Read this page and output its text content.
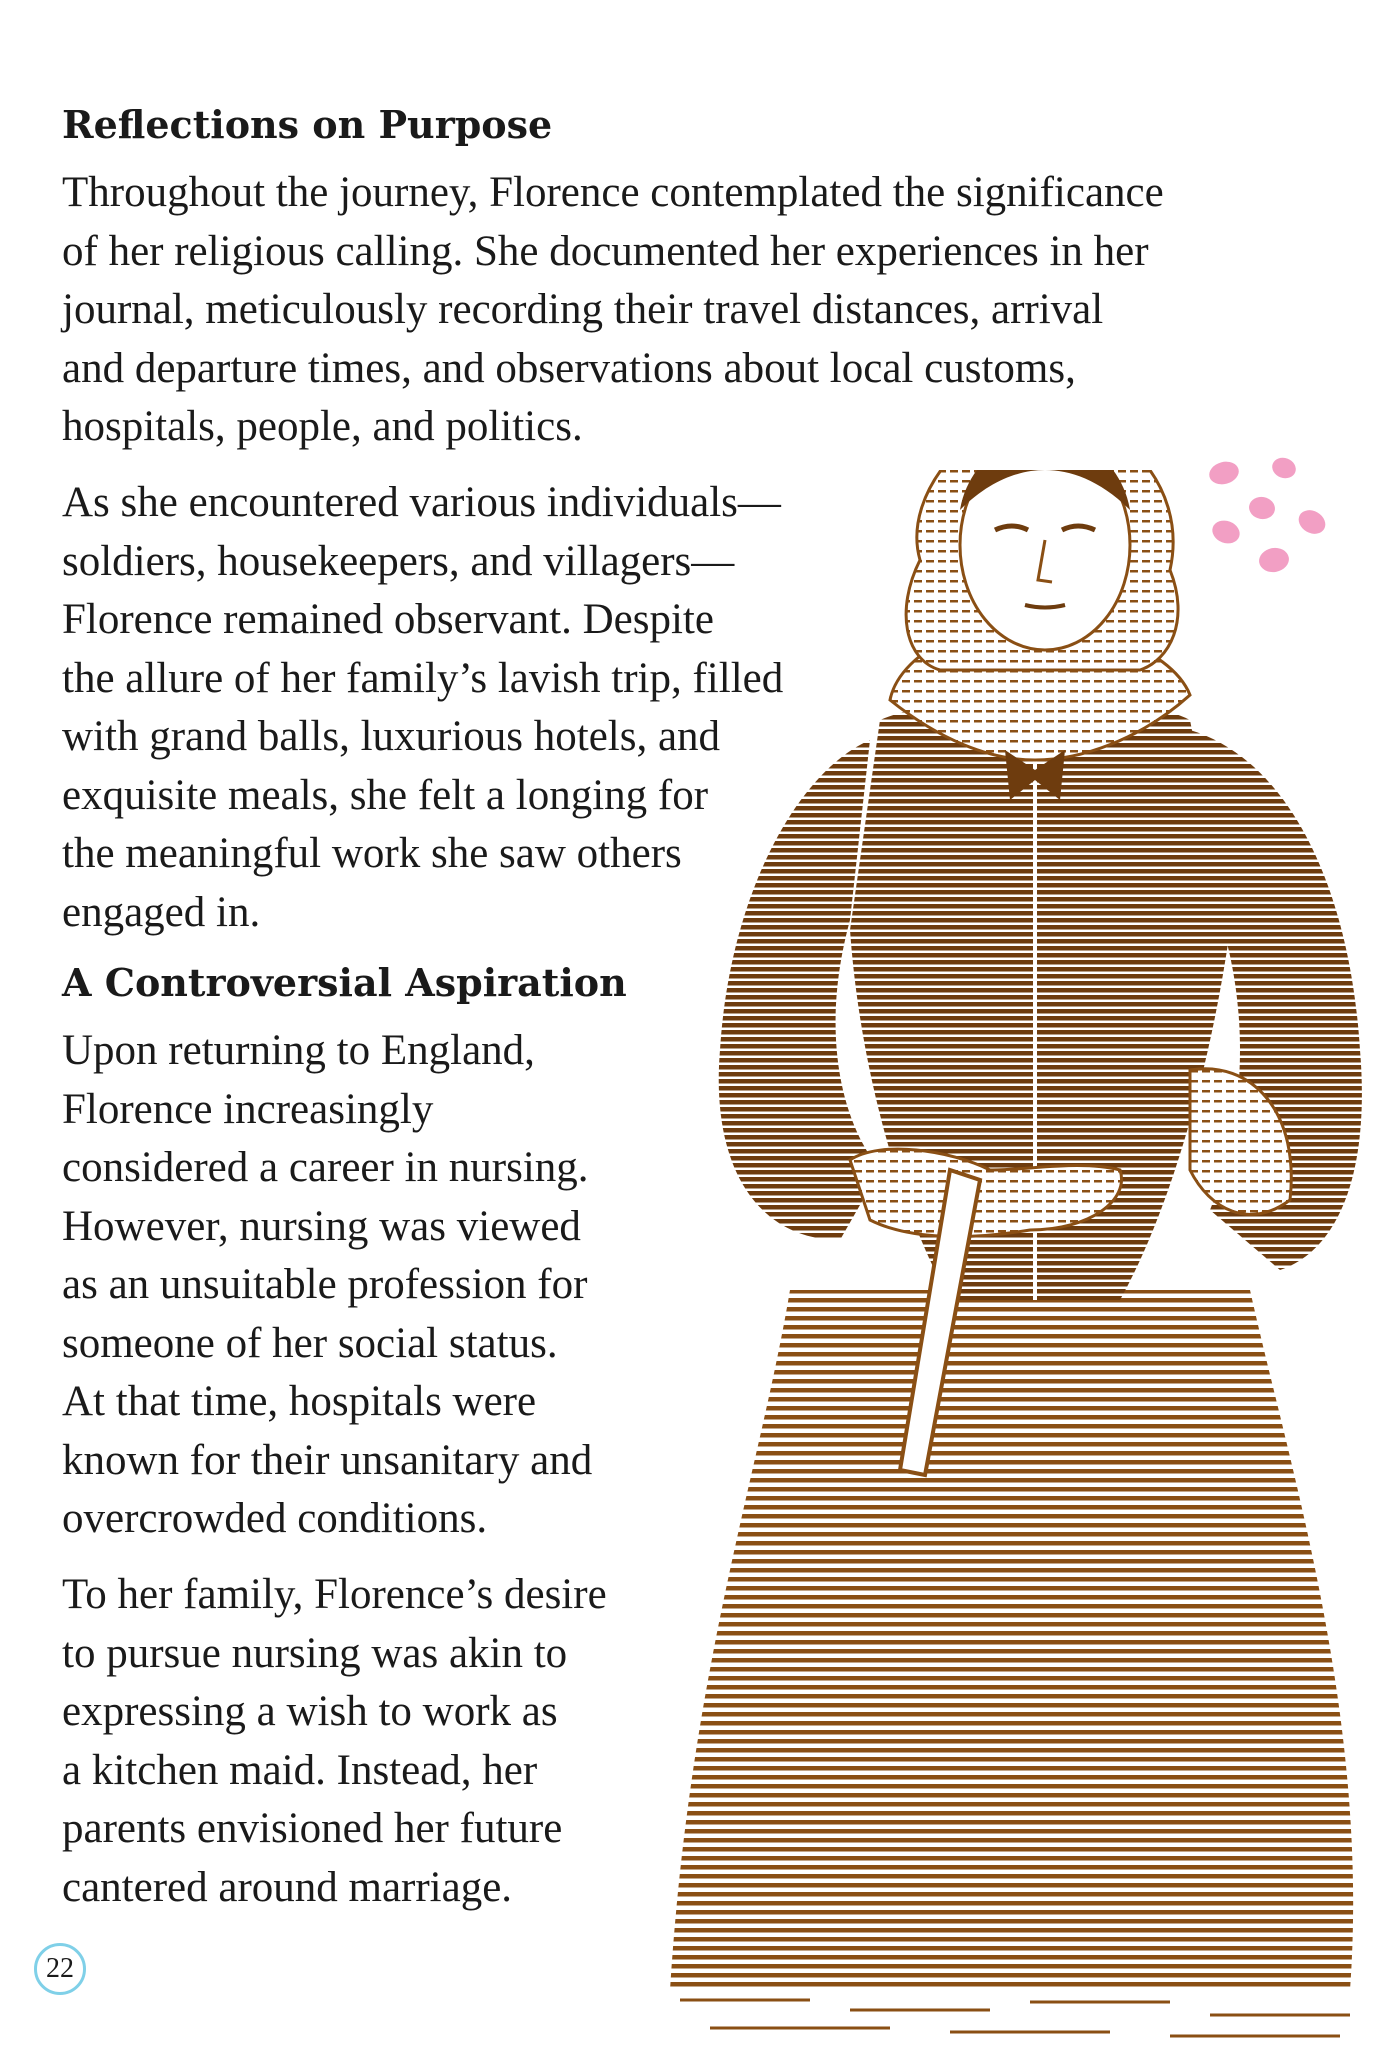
Reflections on Purpose

Throughout the journey, Florence contemplated the significance
of her religious calling. She documented her experiences in her
journal, meticulously recording their travel distances, arrival
and departure times, and observations about local customs,
hospitals, people, and politics.

As she encountered various individuals—
soldiers, housekeepers, and villagers—
Florence remained observant. Despite
the allure of her family’s lavish trip, filled
with grand balls, luxurious hotels, and
exquisite meals, she felt a longing for
the meaningful work she saw others
engaged in.

A Controversial Aspiration

Upon returning to England,
Florence increasingly
considered a career in nursing.
However, nursing was viewed
as an unsuitable profession for
someone of her social status.
At that time, hospitals were
known for their unsanitary and
overcrowded conditions.

To her family, Florence’s desire
to pursue nursing was akin to
expressing a wish to work as
a kitchen maid. Instead, her
parents envisioned her future
cantered around marriage.

22
